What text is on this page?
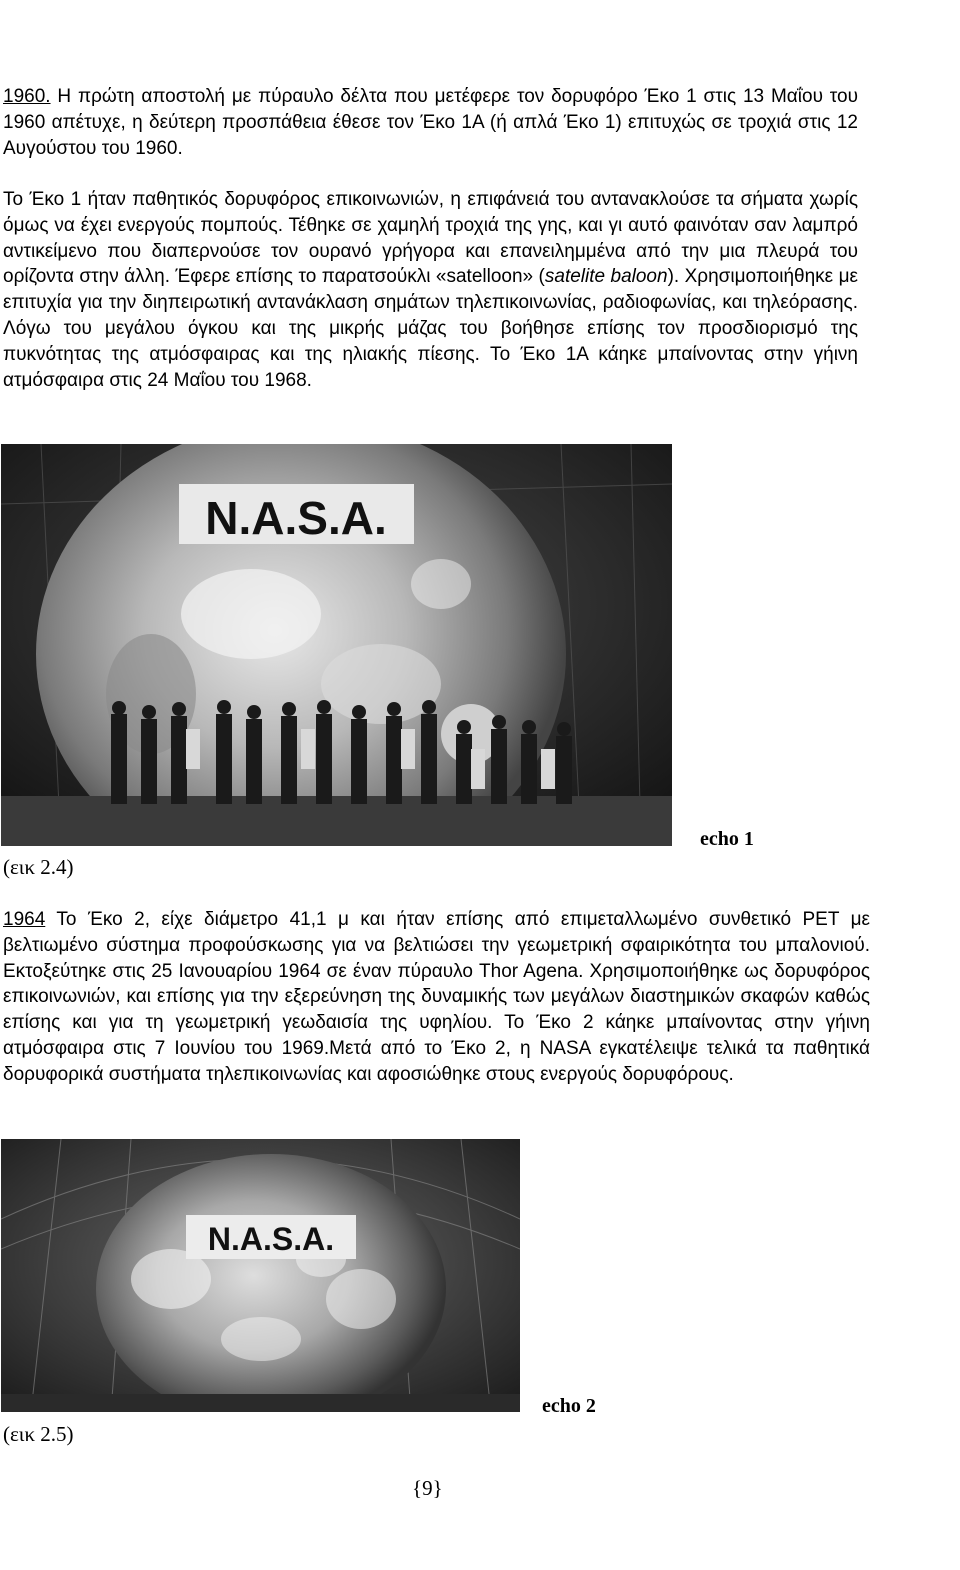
1960. Η πρώτη αποστολή με πύραυλο δέλτα που μετέφερε τον δορυφόρο Έκο 1 στις 13 Μαΐου του 1960 απέτυχε, η δεύτερη προσπάθεια έθεσε τον Έκο 1Α (ή απλά Έκο 1) επιτυχώς σε τροχιά στις 12 Αυγούστου του 1960.

Το Έκο 1 ήταν παθητικός δορυφόρος επικοινωνιών, η επιφάνειά του αντανακλούσε τα σήματα χωρίς όμως να έχει ενεργούς πομπούς. Τέθηκε σε χαμηλή τροχιά της γης, και γι αυτό φαινόταν σαν λαμπρό αντικείμενο που διαπερνούσε τον ουρανό γρήγορα και επανειλημμένα από την μια πλευρά του ορίζοντα στην άλλη. Έφερε επίσης το παρατσούκλι «satelloon» (satelite baloon). Χρησιμοποιήθηκε με επιτυχία για την διηπειρωτική αντανάκλαση σημάτων τηλεπικοινωνίας, ραδιοφωνίας, και τηλεόρασης. Λόγω του μεγάλου όγκου και της μικρής μάζας του βοήθησε επίσης τον προσδιορισμό της πυκνότητας της ατμόσφαιρας και της ηλιακής πίεσης. Το Έκο 1Α κάηκε μπαίνοντας στην γήινη ατμόσφαιρα στις 24 Μαΐου του 1968.

N.A.S.A.
(εικ 2.4)
echo 1

1964 Το Έκο 2, είχε διάμετρο 41,1 μ και ήταν επίσης από επιμεταλλωμένο συνθετικό PET με βελτιωμένο σύστημα προφούσκωσης για να βελτιώσει την γεωμετρική σφαιρικότητα του μπαλονιού. Εκτοξεύτηκε στις 25 Ιανουαρίου 1964 σε έναν πύραυλο Thor Agena. Χρησιμοποιήθηκε ως δορυφόρος επικοινωνιών, και επίσης για την εξερεύνηση της δυναμικής των μεγάλων διαστημικών σκαφών καθώς επίσης και για τη γεωμετρική γεωδαισία της υφηλίου. Το Έκο 2 κάηκε μπαίνοντας στην γήινη ατμόσφαιρα στις 7 Ιουνίου του 1969.Μετά από το Έκο 2, η NASA εγκατέλειψε τελικά τα παθητικά δορυφορικά συστήματα τηλεπικοινωνίας και αφοσιώθηκε στους ενεργούς δορυφόρους.

N.A.S.A.
(εικ 2.5)
echo 2
{9}
